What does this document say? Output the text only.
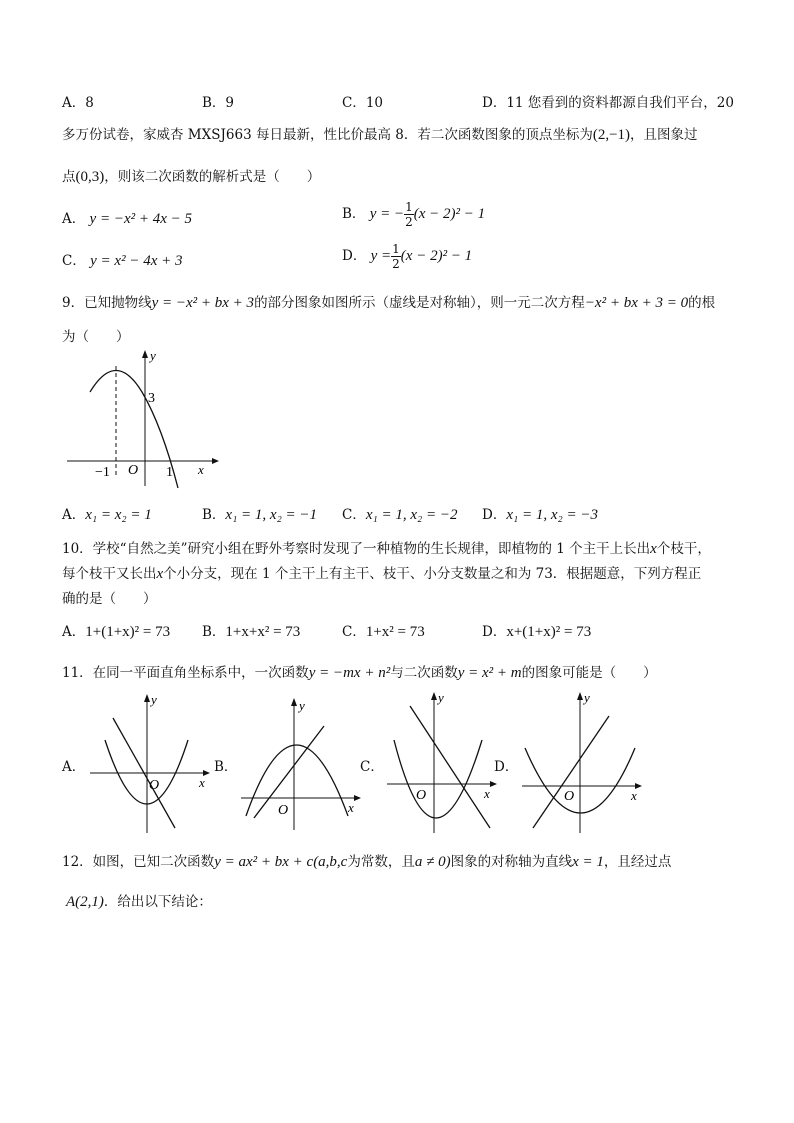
A．8	B．9	C．10	D．11 您看到的资料都源自我们平台，20
多万份试卷，家威杏 MXSJ663 每日最新，性比价最高 8．若二次函数图象的顶点坐标为(2,−1)，且图象过
点(0,3)，则该二次函数的解析式是（　　）
A． y = −x² + 4x − 5	B． y = − $\frac{1}{2} (x - 2)^2 - 1$
C． y = x² − 4x + 3	D． $y = \frac{1}{2} (x - 2)^2 - 1$
9．已知抛物线y = −x² + bx + 3的部分图象如图所示（虚线是对称轴），则一元二次方程−x² + bx + 3 = 0的根
为（　　）
y
x
O
3
−1	1
A．x₁ = x₂ = 1	B．x₁ = 1, x₂ = −1 C．x₁ = 1, x₂ = −2 D．x₁ = 1, x₂ = −3
10．学校“自然之美”研究小组在野外考察时发现了一种植物的生长规律，即植物的 1 个主干上长出x个枝干，
每个枝干又长出x个小分支，现在 1 个主干上有主干、枝干、小分支数量之和为 73．根据题意，下列方程正
确的是（　　）
A．1+(1+x)² = 73 B．1+x+x² = 73	C．1+x² = 73	D．x+(1+x)² = 73
11．在同一平面直角坐标系中，一次函数y = −mx + n²与二次函数y = x² + m的图象可能是（　　）
A．
y
x
O
B．
y
x
O
C．
y
x
O
D．
y
x
O
12．如图，已知二次函数y = ax² + bx + c(a,b,c为常数，且a ≠ 0)图象的对称轴为直线x = 1，且经过点
A(2,1)．给出以下结论：
